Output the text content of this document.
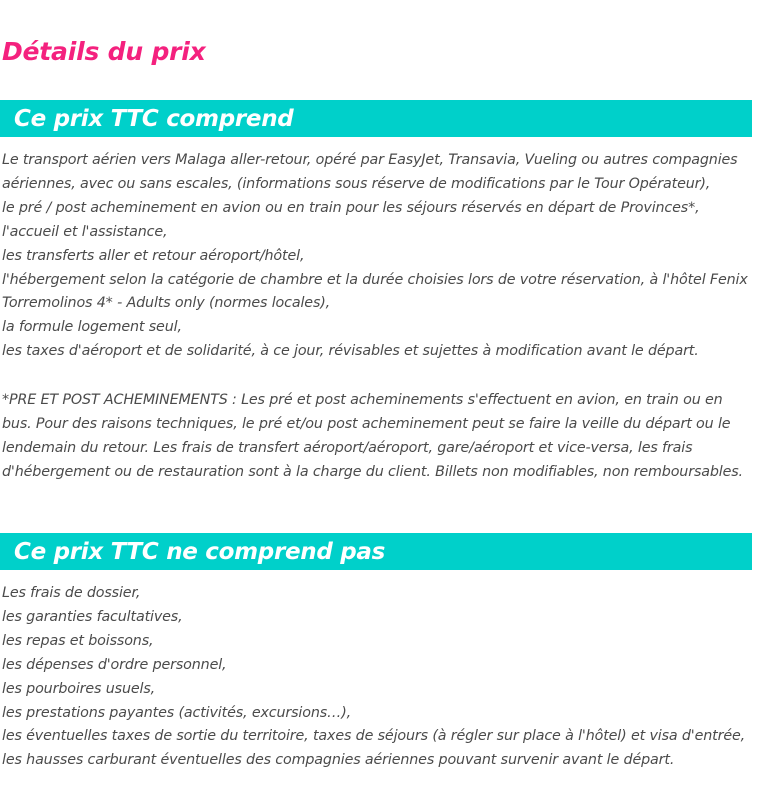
Détails du prix
Ce prix TTC comprend

Le transport aérien vers Malaga aller-retour, opéré par EasyJet, Transavia, Vueling ou autres compagnies aériennes, avec ou sans escales, (informations sous réserve de modifications par le Tour Opérateur),

le pré / post acheminement en avion ou en train pour les séjours réservés en départ de Provinces*,

l'accueil et l'assistance,

les transferts aller et retour aéroport/hôtel,

l'hébergement selon la catégorie de chambre et la durée choisies lors de votre réservation, à l'hôtel Fenix Torremolinos 4* - Adults only (normes locales),

la formule logement seul,

les taxes d'aéroport et de solidarité, à ce jour, révisables et sujettes à modification avant le départ.

*PRE ET POST ACHEMINEMENTS : Les pré et post acheminements s'effectuent en avion, en train ou en bus. Pour des raisons techniques, le pré et/ou post acheminement peut se faire la veille du départ ou le lendemain du retour. Les frais de transfert aéroport/aéroport, gare/aéroport et vice-versa, les frais d'hébergement ou de restauration sont à la charge du client. Billets non modifiables, non remboursables.

Ce prix TTC ne comprend pas

Les frais de dossier,

les garanties facultatives,

les repas et boissons,

les dépenses d'ordre personnel,

les pourboires usuels,

les prestations payantes (activités, excursions…),

les éventuelles taxes de sortie du territoire, taxes de séjours (à régler sur place à l'hôtel) et visa d'entrée,

les hausses carburant éventuelles des compagnies aériennes pouvant survenir avant le départ.
